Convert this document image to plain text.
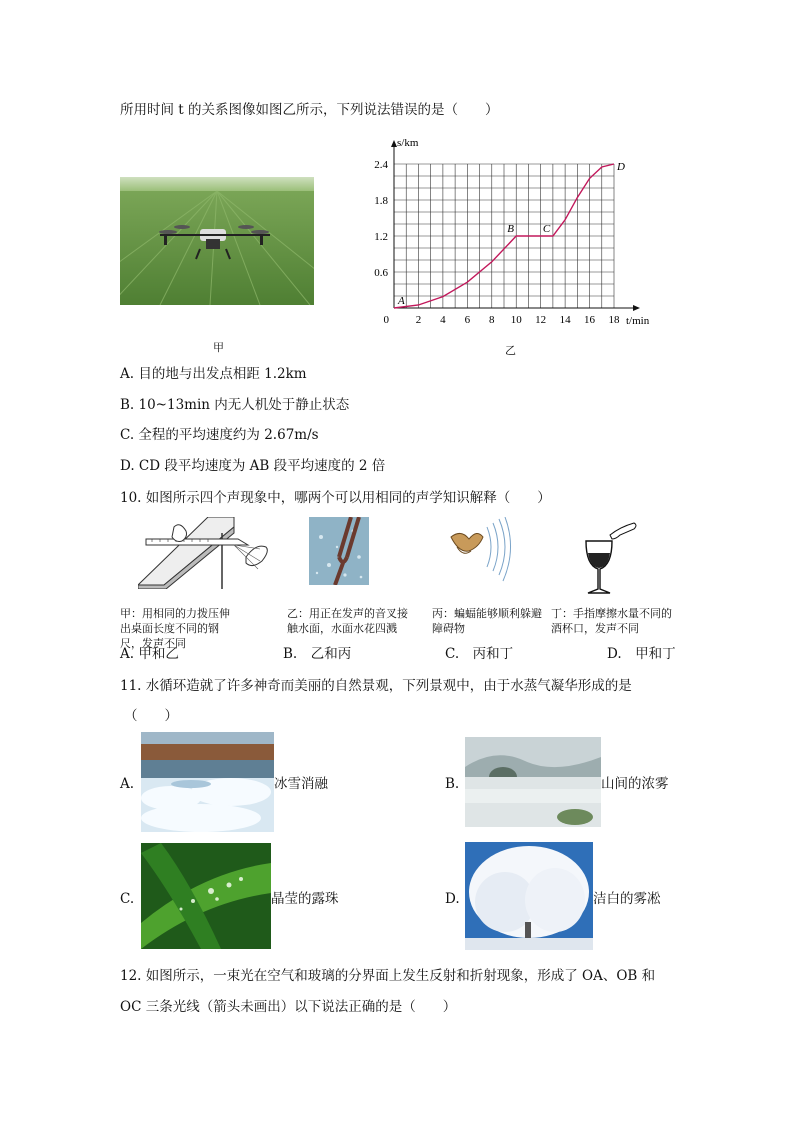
所用时间 t 的关系图像如图乙所示，下列说法错误的是（　　）
甲
2 4 6 8 10 12 14 16 18
0.6
1.2
1.8
2.4
0	t/min
s/km
A
B	C
D
乙
A. 目的地与出发点相距 1.2km
B. 10~13min 内无人机处于静止状态
C. 全程的平均速度约为 2.67m/s
D. CD 段平均速度为 AB 段平均速度的 2 倍
10. 如图所示四个声现象中，哪两个可以用相同的声学知识解释（　　）
甲：用相同的力拨压伸出桌面长度不同的钢尺，发声不同
乙：用正在发声的音叉接触水面，水面水花四溅
丙：蝙蝠能够顺利躲避障碍物
丁：手指摩擦水量不同的酒杯口，发声不同
A. 甲和乙	B.　乙和丙	C.　丙和丁	D.　甲和丁
11. 水循环造就了许多神奇而美丽的自然景观，下列景观中，由于水蒸气凝华形成的是
（　　）
A.	冰雪消融	B.	山间的浓雾
C.	晶莹的露珠	D.	洁白的雾凇
12. 如图所示，一束光在空气和玻璃的分界面上发生反射和折射现象，形成了 OA、OB 和
OC 三条光线（箭头未画出）以下说法正确的是（　　）
